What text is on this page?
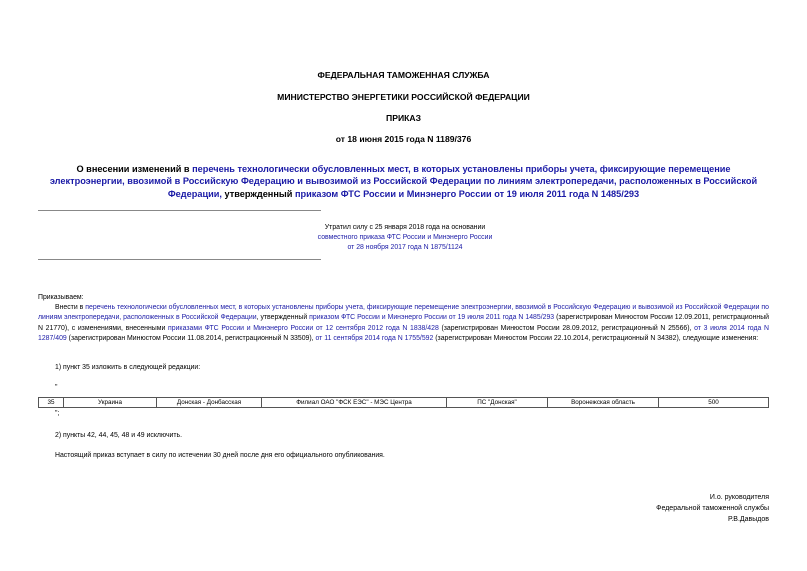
ФЕДЕРАЛЬНАЯ ТАМОЖЕННАЯ СЛУЖБА
МИНИСТЕРСТВО ЭНЕРГЕТИКИ РОССИЙСКОЙ ФЕДЕРАЦИИ
ПРИКАЗ
от 18 июня 2015 года N 1189/376
О внесении изменений в перечень технологически обусловленных мест, в которых установлены приборы учета, фиксирующие перемещение электроэнергии, ввозимой в Российскую Федерацию и вывозимой из Российской Федерации по линиям электропередачи, расположенных в Российской Федерации, утвержденный приказом ФТС России и Минэнерго России от 19 июля 2011 года N 1485/293
Утратил силу с 25 января 2018 года на основании
совместного приказа ФТС России и Минэнерго России
от 28 ноября 2017 года N 1875/1124
Приказываем:
Внести в перечень технологически обусловленных мест, в которых установлены приборы учета, фиксирующие перемещение электроэнергии, ввозимой в Российскую Федерацию и вывозимой из Российской Федерации по линиям электропередачи, расположенных в Российской Федерации, утвержденный приказом ФТС России и Минэнерго России от 19 июля 2011 года N 1485/293 (зарегистрирован Минюстом России 12.09.2011, регистрационный N 21770), с изменениями, внесенными приказами ФТС России и Минэнерго России от 12 сентября 2012 года N 1838/428 (зарегистрирован Минюстом России 28.09.2012, регистрационный N 25566), от 3 июля 2014 года N 1287/409 (зарегистрирован Минюстом России 11.08.2014, регистрационный N 33509), от 11 сентября 2014 года N 1755/592 (зарегистрирован Минюстом России 22.10.2014, регистрационный N 34382), следующие изменения:
1) пункт 35 изложить в следующей редакции:
"
35	Украина	Донская - Донбасская	Филиал ОАО "ФСК ЕЭС" - МЭС Центра	ПС "Донская"	Воронежская область	500
";
2) пункты 42, 44, 45, 48 и 49 исключить.
Настоящий приказ вступает в силу по истечении 30 дней после дня его официального опубликования.
И.о. руководителя
Федеральной таможенной службы
Р.В.Давыдов
